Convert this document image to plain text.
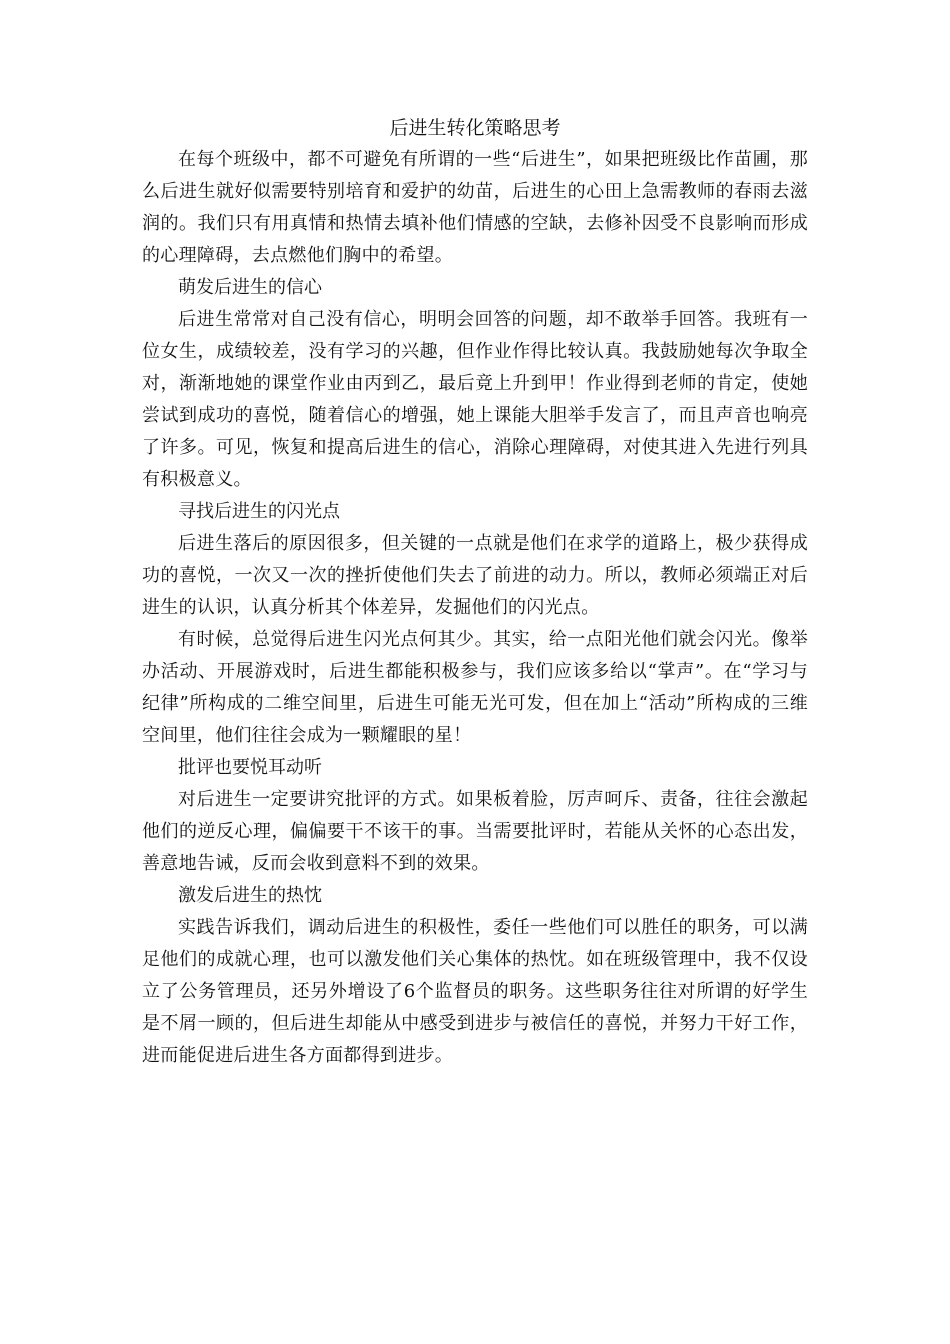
后进生转化策略思考

在每个班级中，都不可避免有所谓的一些“后进生”，如果把班级比作苗圃，那么后进生就好似需要特别培育和爱护的幼苗，后进生的心田上急需教师的春雨去滋润的。我们只有用真情和热情去填补他们情感的空缺，去修补因受不良影响而形成的心理障碍，去点燃他们胸中的希望。

萌发后进生的信心

后进生常常对自己没有信心，明明会回答的问题，却不敢举手回答。我班有一位女生，成绩较差，没有学习的兴趣，但作业作得比较认真。我鼓励她每次争取全对，渐渐地她的课堂作业由丙到乙，最后竟上升到甲！作业得到老师的肯定，使她尝试到成功的喜悦，随着信心的增强，她上课能大胆举手发言了，而且声音也响亮了许多。可见，恢复和提高后进生的信心，消除心理障碍，对使其进入先进行列具有积极意义。

寻找后进生的闪光点

后进生落后的原因很多，但关键的一点就是他们在求学的道路上，极少获得成功的喜悦，一次又一次的挫折使他们失去了前进的动力。所以，教师必须端正对后进生的认识，认真分析其个体差异，发掘他们的闪光点。

有时候，总觉得后进生闪光点何其少。其实，给一点阳光他们就会闪光。像举办活动、开展游戏时，后进生都能积极参与，我们应该多给以“掌声”。在“学习与纪律”所构成的二维空间里，后进生可能无光可发，但在加上“活动”所构成的三维空间里，他们往往会成为一颗耀眼的星！

批评也要悦耳动听

对后进生一定要讲究批评的方式。如果板着脸，厉声呵斥、责备，往往会激起他们的逆反心理，偏偏要干不该干的事。当需要批评时，若能从关怀的心态出发，善意地告诫，反而会收到意料不到的效果。

激发后进生的热忱

实践告诉我们，调动后进生的积极性，委任一些他们可以胜任的职务，可以满足他们的成就心理，也可以激发他们关心集体的热忱。如在班级管理中，我不仅设立了公务管理员，还另外增设了6个监督员的职务。这些职务往往对所谓的好学生是不屑一顾的，但后进生却能从中感受到进步与被信任的喜悦，并努力干好工作，进而能促进后进生各方面都得到进步。
